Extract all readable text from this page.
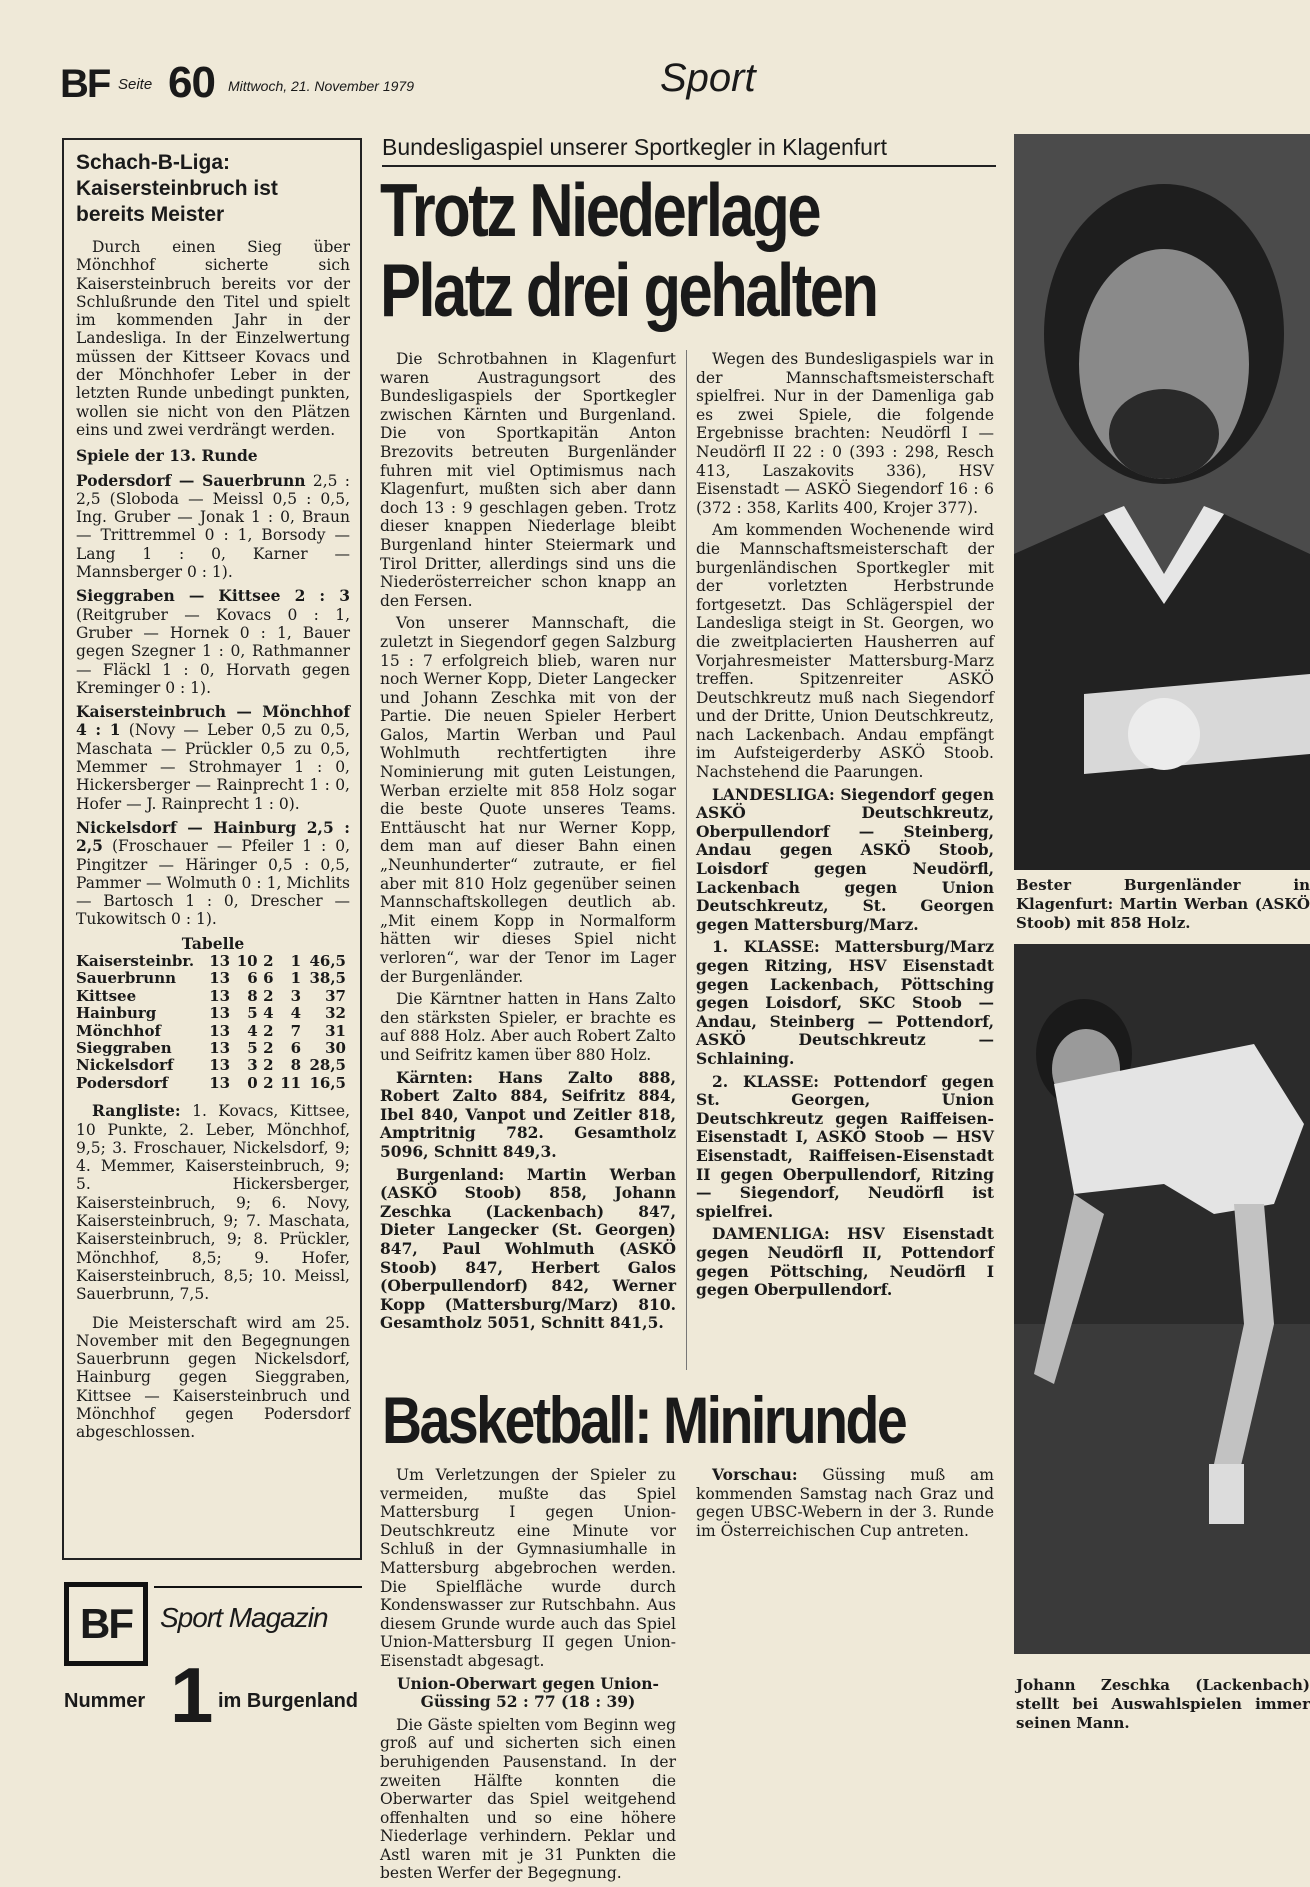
BF Seite 60 Mittwoch, 21. November 1979	Sport
Schach-B-Liga: Kaisersteinbruch ist bereits Meister

Durch einen Sieg über Mönchhof sicherte sich Kaisersteinbruch bereits vor der Schlußrunde den Titel und spielt im kommenden Jahr in der Landesliga. In der Einzelwertung müssen der Kittseer Kovacs und der Mönchhofer Leber in der letzten Runde unbedingt punkten, wollen sie nicht von den Plätzen eins und zwei verdrängt werden.

Spiele der 13. Runde

Podersdorf — Sauerbrunn 2,5 : 2,5 (Sloboda — Meissl 0,5 : 0,5, Ing. Gruber — Jonak 1 : 0, Braun — Trittremmel 0 : 1, Borsody — Lang 1 : 0, Karner — Mannsberger 0 : 1).

Sieggraben — Kittsee 2 : 3 (Reitgruber — Kovacs 0 : 1, Gruber — Hornek 0 : 1, Bauer gegen Szegner 1 : 0, Rathmanner — Fläckl 1 : 0, Horvath gegen Kreminger 0 : 1).

Kaisersteinbruch — Mönchhof 4 : 1 (Novy — Leber 0,5 zu 0,5, Maschata — Prückler 0,5 zu 0,5, Memmer — Strohmayer 1 : 0, Hickersberger — Rainprecht 1 : 0, Hofer — J. Rainprecht 1 : 0).

Nickelsdorf — Hainburg 2,5 : 2,5 (Froschauer — Pfeiler 1 : 0, Pingitzer — Häringer 0,5 : 0,5, Pammer — Wolmuth 0 : 1, Michlits — Bartosch 1 : 0, Drescher — Tukowitsch 0 : 1).

Tabelle
Kaisersteinbr.	13	10	2	1	46,5
Sauerbrunn	13	6	6	1	38,5
Kittsee	13	8	2	3	37
Hainburg	13	5	4	4	32
Mönchhof	13	4	2	7	31
Sieggraben	13	5	2	6	30
Nickelsdorf	13	3	2	8	28,5
Podersdorf	13	0	2	11	16,5

Rangliste: 1. Kovacs, Kittsee, 10 Punkte, 2. Leber, Mönchhof, 9,5; 3. Froschauer, Nickelsdorf, 9; 4. Memmer, Kaisersteinbruch, 9; 5. Hickersberger, Kaisersteinbruch, 9; 6. Novy, Kaisersteinbruch, 9; 7. Maschata, Kaisersteinbruch, 9; 8. Prückler, Mönchhof, 8,5; 9. Hofer, Kaisersteinbruch, 8,5; 10. Meissl, Sauerbrunn, 7,5.

Die Meisterschaft wird am 25. November mit den Begegnungen Sauerbrunn gegen Nickelsdorf, Hainburg gegen Sieggraben, Kittsee — Kaisersteinbruch und Mönchhof gegen Podersdorf abgeschlossen.

BF	Sport Magazin
Nummer 1 im Burgenland
Bundesligaspiel unserer Sportkegler in Klagenfurt
Trotz Niederlage
Platz drei gehalten

Die Schrotbahnen in Klagenfurt waren Austragungsort des Bundesligaspiels der Sportkegler zwischen Kärnten und Burgenland. Die von Sportkapitän Anton Brezovits betreuten Burgenländer fuhren mit viel Optimismus nach Klagenfurt, mußten sich aber dann doch 13 : 9 geschlagen geben. Trotz dieser knappen Niederlage bleibt Burgenland hinter Steiermark und Tirol Dritter, allerdings sind uns die Niederösterreicher schon knapp an den Fersen.

Von unserer Mannschaft, die zuletzt in Siegendorf gegen Salzburg 15 : 7 erfolgreich blieb, waren nur noch Werner Kopp, Dieter Langecker und Johann Zeschka mit von der Partie. Die neuen Spieler Herbert Galos, Martin Werban und Paul Wohlmuth rechtfertigten ihre Nominierung mit guten Leistungen, Werban erzielte mit 858 Holz sogar die beste Quote unseres Teams. Enttäuscht hat nur Werner Kopp, dem man auf dieser Bahn einen „Neunhunderter“ zutraute, er fiel aber mit 810 Holz gegenüber seinen Mannschaftskollegen deutlich ab. „Mit einem Kopp in Normalform hätten wir dieses Spiel nicht verloren“, war der Tenor im Lager der Burgenländer.

Die Kärntner hatten in Hans Zalto den stärksten Spieler, er brachte es auf 888 Holz. Aber auch Robert Zalto und Seifritz kamen über 880 Holz.

Kärnten: Hans Zalto 888, Robert Zalto 884, Seifritz 884, Ibel 840, Vanpot und Zeitler 818, Amptritnig 782. Gesamtholz 5096, Schnitt 849,3.

Burgenland: Martin Werban (ASKÖ Stoob) 858, Johann Zeschka (Lackenbach) 847, Dieter Langecker (St. Georgen) 847, Paul Wohlmuth (ASKÖ Stoob) 847, Herbert Galos (Oberpullendorf) 842, Werner Kopp (Mattersburg/Marz) 810. Gesamtholz 5051, Schnitt 841,5.

Wegen des Bundesligaspiels war in der Mannschaftsmeisterschaft spielfrei. Nur in der Damenliga gab es zwei Spiele, die folgende Ergebnisse brachten: Neudörfl I — Neudörfl II 22 : 0 (393 : 298, Resch 413, Laszakovits 336), HSV Eisenstadt — ASKÖ Siegendorf 16 : 6 (372 : 358, Karlits 400, Krojer 377).

Am kommenden Wochenende wird die Mannschaftsmeisterschaft der burgenländischen Sportkegler mit der vorletzten Herbstrunde fortgesetzt. Das Schlägerspiel der Landesliga steigt in St. Georgen, wo die zweitplacierten Hausherren auf Vorjahresmeister Mattersburg-Marz treffen. Spitzenreiter ASKÖ Deutschkreutz muß nach Siegendorf und der Dritte, Union Deutschkreutz, nach Lackenbach. Andau empfängt im Aufsteigerderby ASKÖ Stoob. Nachstehend die Paarungen.

LANDESLIGA: Siegendorf gegen ASKÖ Deutschkreutz, Oberpullendorf — Steinberg, Andau gegen ASKÖ Stoob, Loisdorf gegen Neudörfl, Lackenbach gegen Union Deutschkreutz, St. Georgen gegen Mattersburg/Marz.

1. KLASSE: Mattersburg/Marz gegen Ritzing, HSV Eisenstadt gegen Lackenbach, Pöttsching gegen Loisdorf, SKC Stoob — Andau, Steinberg — Pottendorf, ASKÖ Deutschkreutz — Schlaining.

2. KLASSE: Pottendorf gegen St. Georgen, Union Deutschkreutz gegen Raiffeisen-Eisenstadt I, ASKÖ Stoob — HSV Eisenstadt, Raiffeisen-Eisenstadt II gegen Oberpullendorf, Ritzing — Siegendorf, Neudörfl ist spielfrei.

DAMENLIGA: HSV Eisenstadt gegen Neudörfl II, Pottendorf gegen Pöttsching, Neudörfl I gegen Oberpullendorf.

Basketball: Minirunde

Um Verletzungen der Spieler zu vermeiden, mußte das Spiel Mattersburg I gegen Union-Deutschkreutz eine Minute vor Schluß in der Gymnasiumhalle in Mattersburg abgebrochen werden. Die Spielfläche wurde durch Kondenswasser zur Rutschbahn. Aus diesem Grunde wurde auch das Spiel Union-Mattersburg II gegen Union-Eisenstadt abgesagt.

Union-Oberwart gegen Union-Güssing 52 : 77 (18 : 39)

Die Gäste spielten vom Beginn weg groß auf und sicherten sich einen beruhigenden Pausenstand. In der zweiten Hälfte konnten die Oberwarter das Spiel weitgehend offenhalten und so eine höhere Niederlage verhindern. Peklar und Astl waren mit je 31 Punkten die besten Werfer der Begegnung.

Vorschau: Güssing muß am kommenden Samstag nach Graz und gegen UBSC-Webern in der 3. Runde im Österreichischen Cup antreten.

Bester Burgenländer in Klagenfurt: Martin Werban (ASKÖ Stoob) mit 858 Holz.
Johann Zeschka (Lackenbach) stellt bei Auswahlspielen immer seinen Mann.
